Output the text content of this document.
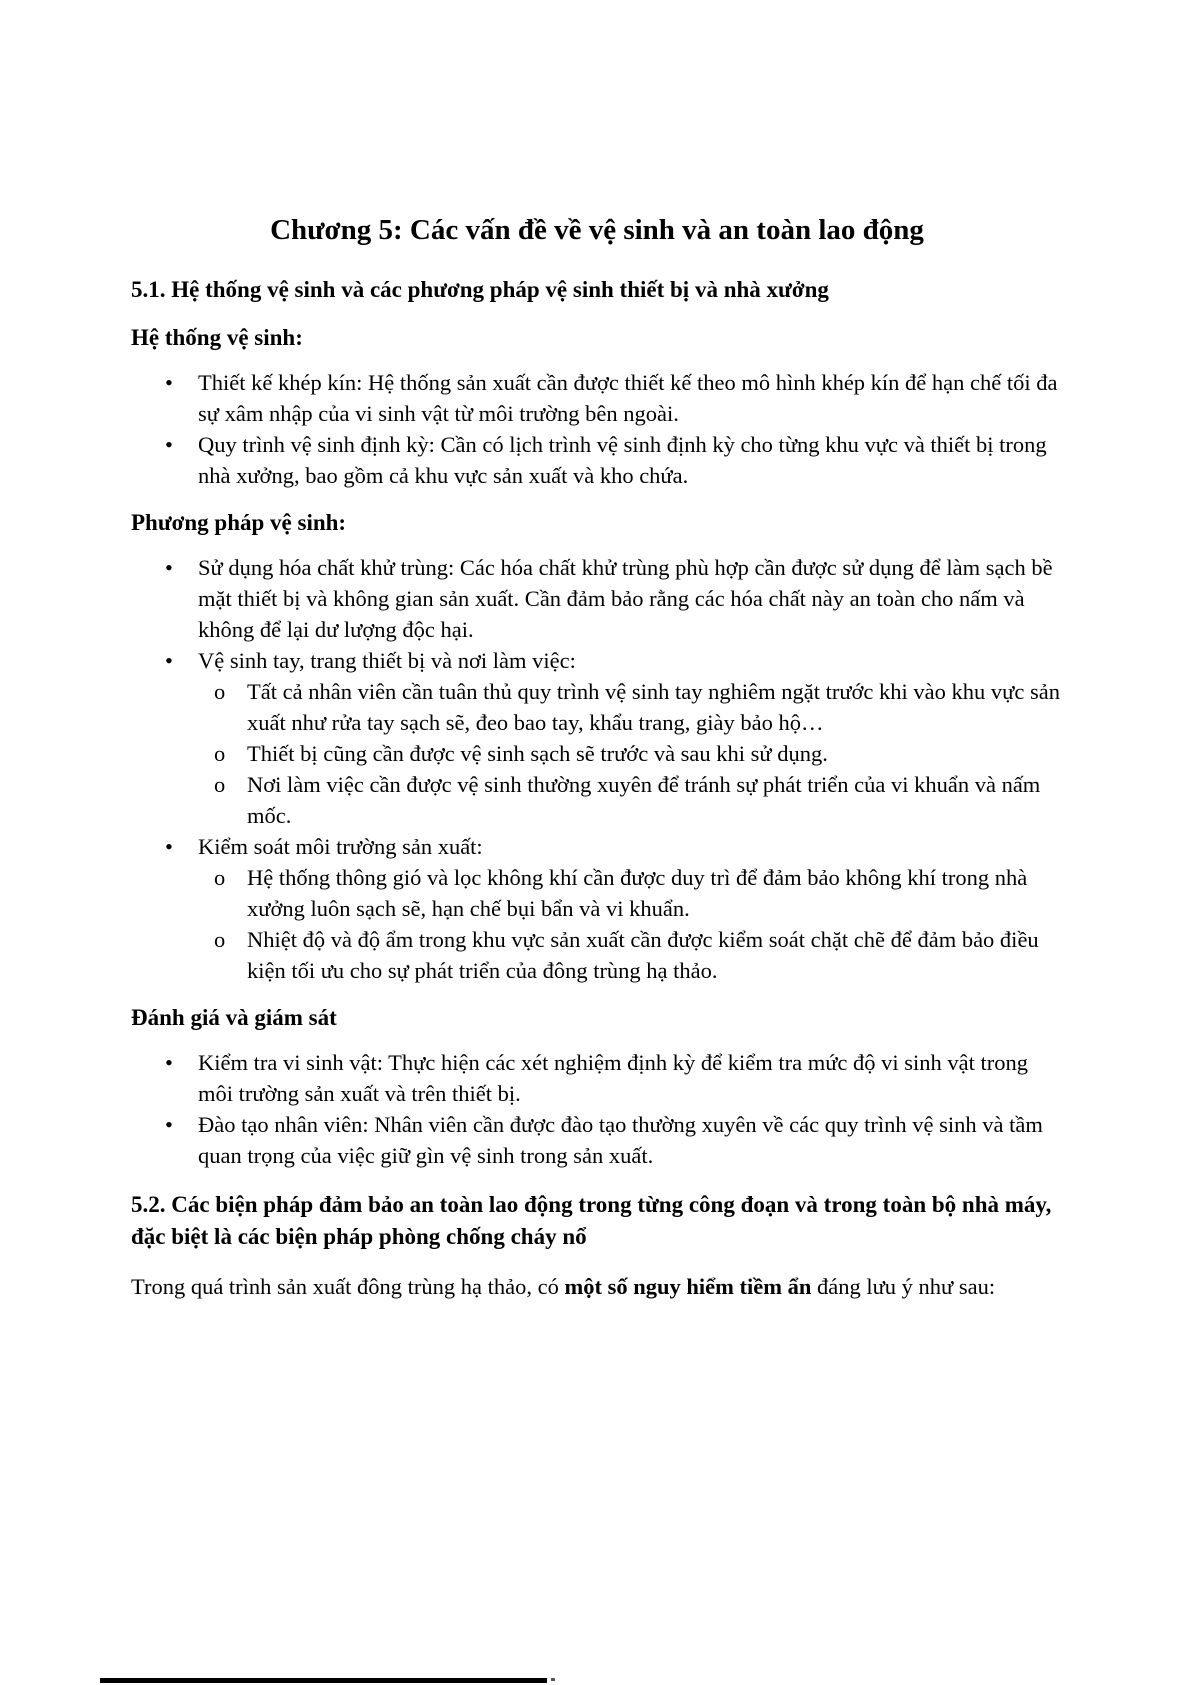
Chương 5: Các vấn đề về vệ sinh và an toàn lao động
5.1. Hệ thống vệ sinh và các phương pháp vệ sinh thiết bị và nhà xưởng
Hệ thống vệ sinh:
•	Thiết kế khép kín: Hệ thống sản xuất cần được thiết kế theo mô hình khép kín để hạn chế tối đa sự xâm nhập của vi sinh vật từ môi trường bên ngoài.
•	Quy trình vệ sinh định kỳ: Cần có lịch trình vệ sinh định kỳ cho từng khu vực và thiết bị trong nhà xưởng, bao gồm cả khu vực sản xuất và kho chứa.
Phương pháp vệ sinh:
•	Sử dụng hóa chất khử trùng: Các hóa chất khử trùng phù hợp cần được sử dụng để làm sạch bề mặt thiết bị và không gian sản xuất. Cần đảm bảo rằng các hóa chất này an toàn cho nấm và không để lại dư lượng độc hại.
•	Vệ sinh tay, trang thiết bị và nơi làm việc:
o Tất cả nhân viên cần tuân thủ quy trình vệ sinh tay nghiêm ngặt trước khi vào khu vực sản xuất như rửa tay sạch sẽ, đeo bao tay, khẩu trang, giày bảo hộ…
o Thiết bị cũng cần được vệ sinh sạch sẽ trước và sau khi sử dụng.
o Nơi làm việc cần được vệ sinh thường xuyên để tránh sự phát triển của vi khuẩn và nấm mốc.
•	Kiểm soát môi trường sản xuất:
o Hệ thống thông gió và lọc không khí cần được duy trì để đảm bảo không khí trong nhà xưởng luôn sạch sẽ, hạn chế bụi bẩn và vi khuẩn.
o Nhiệt độ và độ ẩm trong khu vực sản xuất cần được kiểm soát chặt chẽ để đảm bảo điều kiện tối ưu cho sự phát triển của đông trùng hạ thảo.
Đánh giá và giám sát
•	Kiểm tra vi sinh vật: Thực hiện các xét nghiệm định kỳ để kiểm tra mức độ vi sinh vật trong môi trường sản xuất và trên thiết bị.
•	Đào tạo nhân viên: Nhân viên cần được đào tạo thường xuyên về các quy trình vệ sinh và tầm quan trọng của việc giữ gìn vệ sinh trong sản xuất.
5.2. Các biện pháp đảm bảo an toàn lao động trong từng công đoạn và trong toàn bộ nhà máy, đặc biệt là các biện pháp phòng chống cháy nổ
Trong quá trình sản xuất đông trùng hạ thảo, có một số nguy hiểm tiềm ẩn đáng lưu ý như sau:
